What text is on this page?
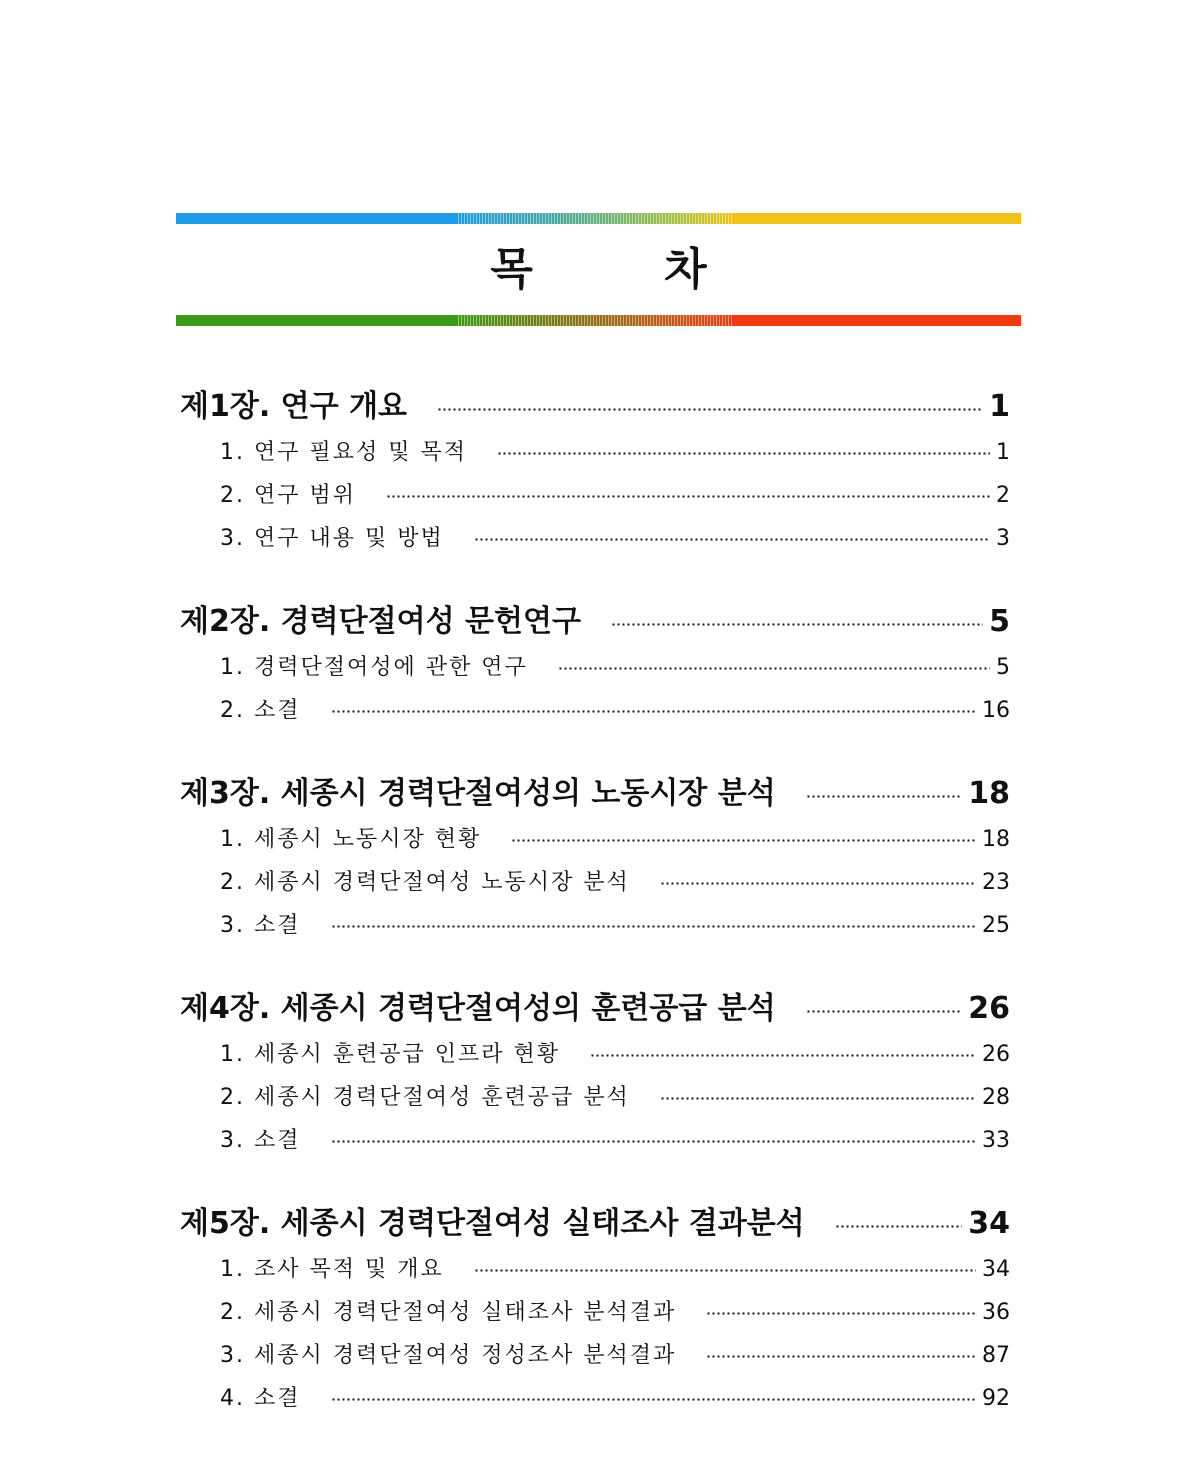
목 차
제1장. 연구 개요	1
1. 연구 필요성 및 목적	1
2. 연구 범위	2
3. 연구 내용 및 방법	3
제2장. 경력단절여성 문헌연구	5
1. 경력단절여성에 관한 연구	5
2. 소결	16
제3장. 세종시 경력단절여성의 노동시장 분석	18
1. 세종시 노동시장 현황	18
2. 세종시 경력단절여성 노동시장 분석	23
3. 소결	25
제4장. 세종시 경력단절여성의 훈련공급 분석	26
1. 세종시 훈련공급 인프라 현황	26
2. 세종시 경력단절여성 훈련공급 분석	28
3. 소결	33
제5장. 세종시 경력단절여성 실태조사 결과분석	34
1. 조사 목적 및 개요	34
2. 세종시 경력단절여성 실태조사 분석결과	36
3. 세종시 경력단절여성 정성조사 분석결과	87
4. 소결	92
